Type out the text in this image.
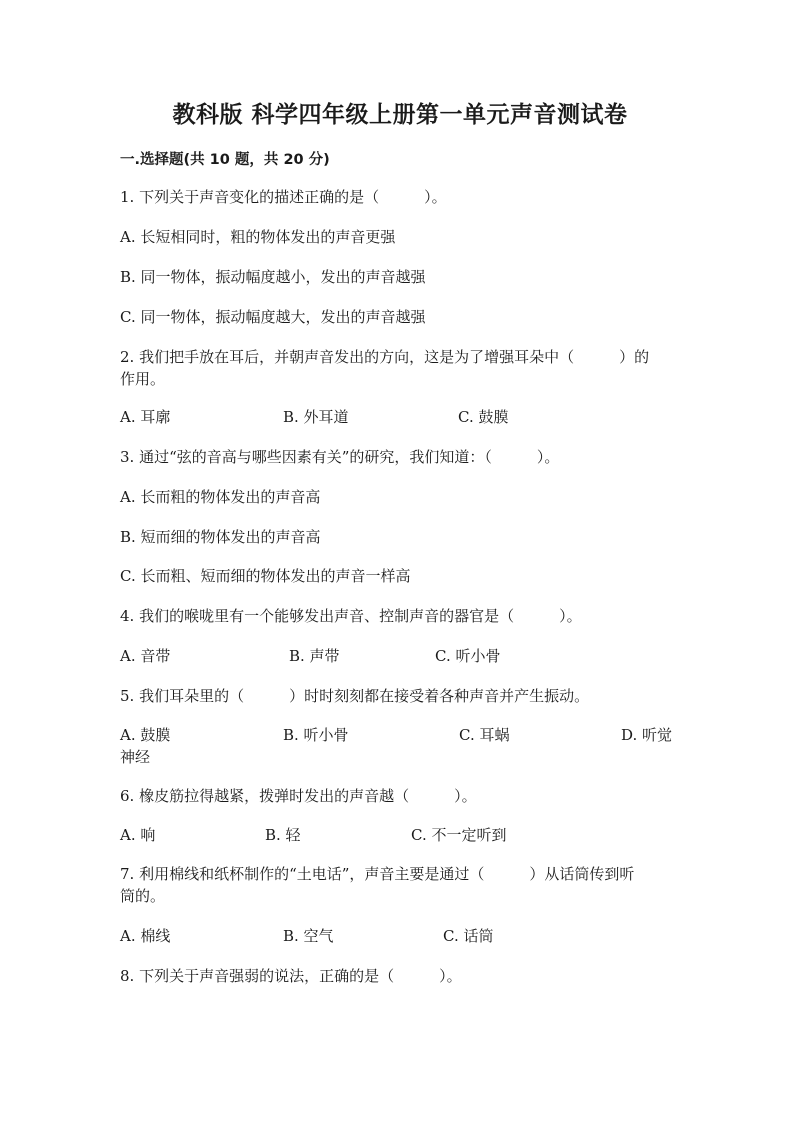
教科版 科学四年级上册第一单元声音测试卷
一.选择题(共 10 题，共 20 分)
1. 下列关于声音变化的描述正确的是（　　　）。
A. 长短相同时，粗的物体发出的声音更强
B. 同一物体，振动幅度越小，发出的声音越强
C. 同一物体，振动幅度越大，发出的声音越强
2. 我们把手放在耳后，并朝声音发出的方向，这是为了增强耳朵中（　　　）的
作用。
A. 耳廓	B. 外耳道	C. 鼓膜
3. 通过“弦的音高与哪些因素有关”的研究，我们知道：（　　　）。
A. 长而粗的物体发出的声音高
B. 短而细的物体发出的声音高
C. 长而粗、短而细的物体发出的声音一样高
4. 我们的喉咙里有一个能够发出声音、控制声音的器官是（　　　）。
A. 音带	B. 声带	C. 听小骨
5. 我们耳朵里的（　　　）时时刻刻都在接受着各种声音并产生振动。
A. 鼓膜	B. 听小骨	C. 耳蜗	D. 听觉
神经
6. 橡皮筋拉得越紧，拨弹时发出的声音越（　　　）。
A. 响	B. 轻	C. 不一定听到
7. 利用棉线和纸杯制作的“土电话”，声音主要是通过（　　　）从话筒传到听
筒的。
A. 棉线	B. 空气	C. 话筒
8. 下列关于声音强弱的说法，正确的是（　　　）。
